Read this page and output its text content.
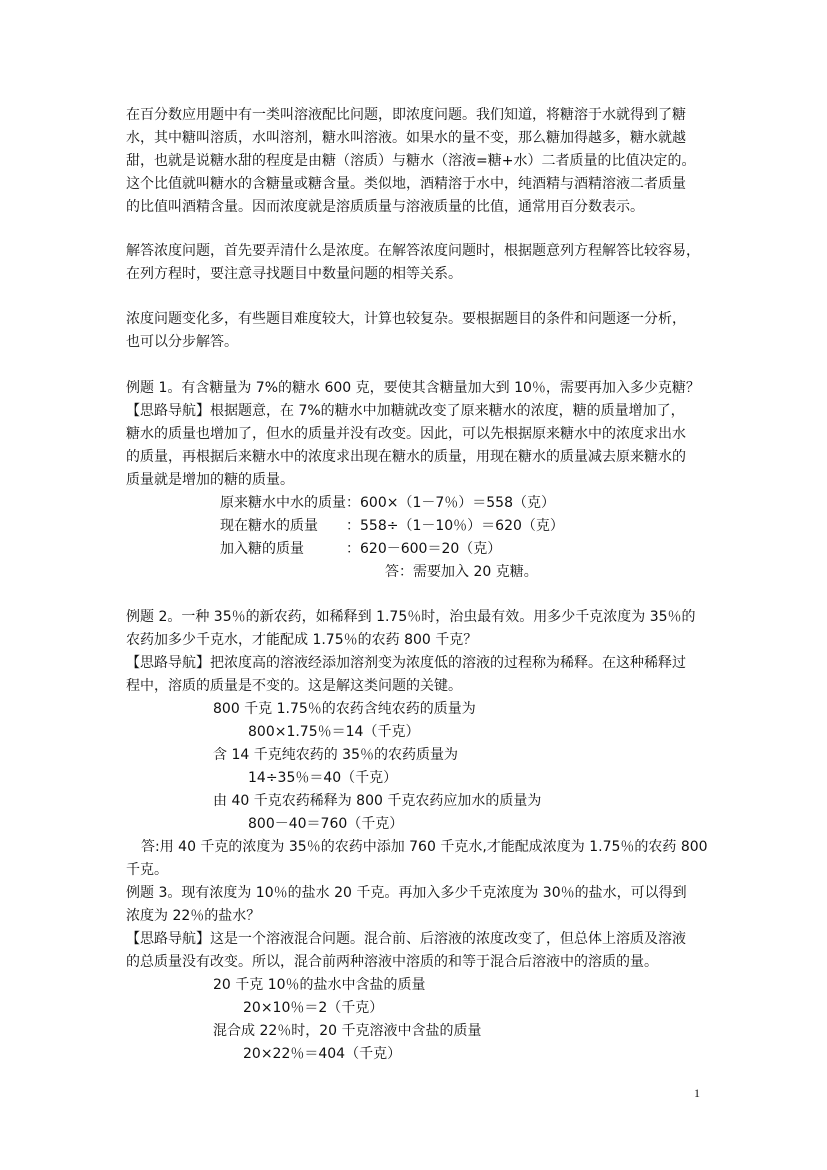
在百分数应用题中有一类叫溶液配比问题，即浓度问题。我们知道，将糖溶于水就得到了糖
水，其中糖叫溶质，水叫溶剂，糖水叫溶液。如果水的量不变，那么糖加得越多，糖水就越
甜，也就是说糖水甜的程度是由糖（溶质）与糖水（溶液=糖+水）二者质量的比值决定的。
这个比值就叫糖水的含糖量或糖含量。类似地，酒精溶于水中，纯酒精与酒精溶液二者质量
的比值叫酒精含量。因而浓度就是溶质质量与溶液质量的比值，通常用百分数表示。
解答浓度问题，首先要弄清什么是浓度。在解答浓度问题时，根据题意列方程解答比较容易，
在列方程时，要注意寻找题目中数量问题的相等关系。
浓度问题变化多，有些题目难度较大，计算也较复杂。要根据题目的条件和问题逐一分析，
也可以分步解答。
例题 1。有含糖量为 7%的糖水 600 克，要使其含糖量加大到 10％，需要再加入多少克糖？
【思路导航】根据题意，在 7%的糖水中加糖就改变了原来糖水的浓度，糖的质量增加了，
糖水的质量也增加了，但水的质量并没有改变。因此，可以先根据原来糖水中的浓度求出水
的质量，再根据后来糖水中的浓度求出现在糖水的质量，用现在糖水的质量减去原来糖水的
质量就是增加的糖的质量。
原来糖水中水的质量：600×（1－7％）＝558（克）
现在糖水的质量　　：558÷（1－10％）＝620（克）
加入糖的质量　　　：620－600＝20（克）
答：需要加入 20 克糖。
例题 2。一种 35％的新农药，如稀释到 1.75％时，治虫最有效。用多少千克浓度为 35％的
农药加多少千克水，才能配成 1.75％的农药 800 千克？
【思路导航】把浓度高的溶液经添加溶剂变为浓度低的溶液的过程称为稀释。在这种稀释过
程中，溶质的质量是不变的。这是解这类问题的关键。
800 千克 1.75％的农药含纯农药的质量为
800×1.75％＝14（千克）
含 14 千克纯农药的 35％的农药质量为
14÷35％＝40（千克）
由 40 千克农药稀释为 800 千克农药应加水的质量为
800－40＝760（千克）
答:用 40 千克的浓度为 35％的农药中添加 760 千克水,才能配成浓度为 1.75％的农药 800
千克。
例题 3。现有浓度为 10％的盐水 20 千克。再加入多少千克浓度为 30％的盐水，可以得到
浓度为 22％的盐水？
【思路导航】这是一个溶液混合问题。混合前、后溶液的浓度改变了，但总体上溶质及溶液
的总质量没有改变。所以，混合前两种溶液中溶质的和等于混合后溶液中的溶质的量。
20 千克 10％的盐水中含盐的质量
20×10％＝2（千克）
混合成 22％时，20 千克溶液中含盐的质量
20×22％＝404（千克）
1
